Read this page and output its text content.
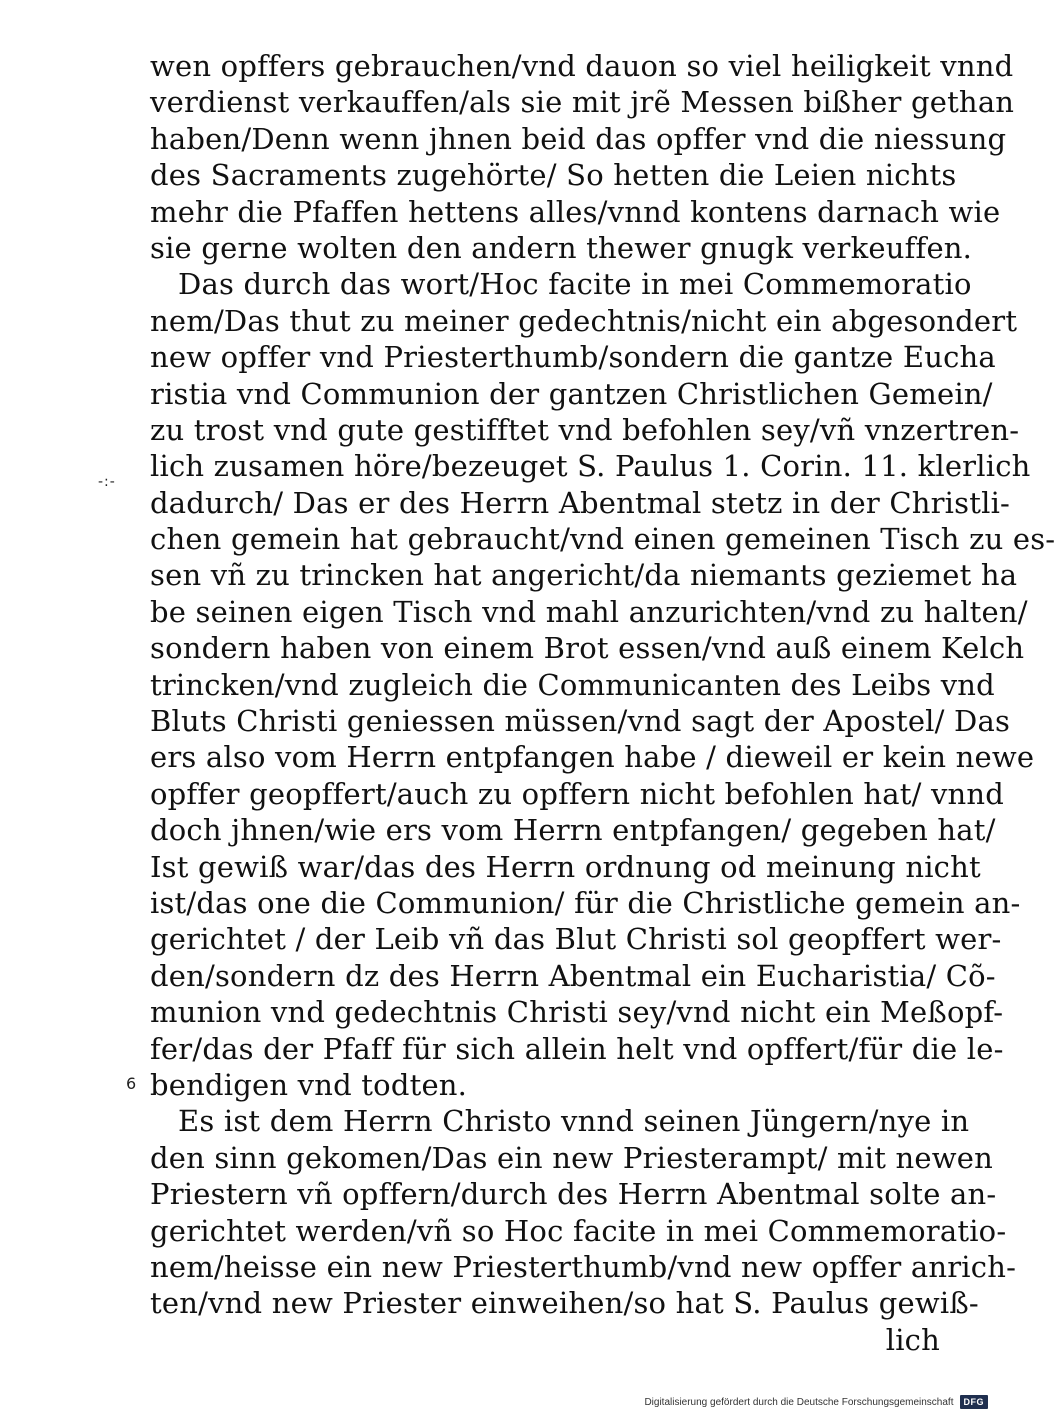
wen opffers gebrauchen/vnd dauon so viel heiligkeit vnnd
verdienst verkauffen/als sie mit jrẽ Messen bißher gethan
haben/Denn wenn jhnen beid das opffer vnd die niessung
des Sacraments zugehörte/ So hetten die Leien nichts
mehr die Pfaffen hettens alles/vnnd kontens darnach wie
sie gerne wolten den andern thewer gnugk verkeuffen.
Das durch das wort/Hoc facite in mei Commemoratio
nem/Das thut zu meiner gedechtnis/nicht ein abgesondert
new opffer vnd Priesterthumb/sondern die gantze Eucha
ristia vnd Communion der gantzen Christlichen Gemein/
zu trost vnd gute gestifftet vnd befohlen sey/vñ vnzertren-
lich zusamen höre/bezeuget S. Paulus 1. Corin. 11. klerlich
dadurch/ Das er des Herrn Abentmal stetz in der Christli-
chen gemein hat gebraucht/vnd einen gemeinen Tisch zu es-
sen vñ zu trincken hat angericht/da niemants geziemet ha
be seinen eigen Tisch vnd mahl anzurichten/vnd zu halten/
sondern haben von einem Brot essen/vnd auß einem Kelch
trincken/vnd zugleich die Communicanten des Leibs vnd
Bluts Christi geniessen müssen/vnd sagt der Apostel/ Das
ers also vom Herrn entpfangen habe / dieweil er kein newe
opffer geopffert/auch zu opffern nicht befohlen hat/ vnnd
doch jhnen/wie ers vom Herrn entpfangen/ gegeben hat/
Ist gewiß war/das des Herrn ordnung od meinung nicht
ist/das one die Communion/ für die Christliche gemein an-
gerichtet / der Leib vñ das Blut Christi sol geopffert wer-
den/sondern dz des Herrn Abentmal ein Eucharistia/ Cõ-
munion vnd gedechtnis Christi sey/vnd nicht ein Meßopf-
fer/das der Pfaff für sich allein helt vnd opffert/für die le-
bendigen vnd todten.
Es ist dem Herrn Christo vnnd seinen Jüngern/nye in
den sinn gekomen/Das ein new Priesterampt/ mit newen
Priestern vñ opffern/durch des Herrn Abentmal solte an-
gerichtet werden/vñ so Hoc facite in mei Commemoratio-
nem/heisse ein new Priesterthumb/vnd new opffer anrich-
ten/vnd new Priester einweihen/so hat S. Paulus gewiß-
lich
-:-
6
Digitalisierung gefördert durch die Deutsche Forschungsgemeinschaft	DFG
